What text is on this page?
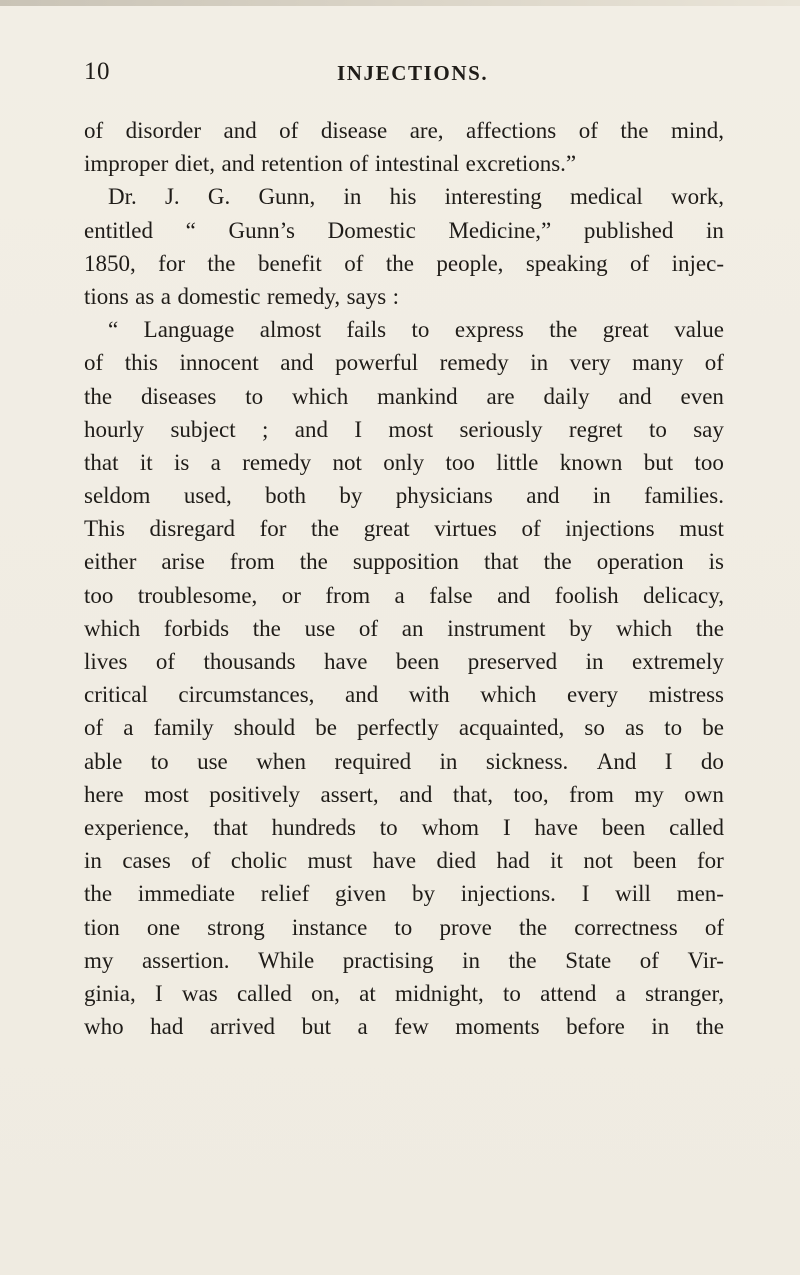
10	INJECTIONS.
of disorder and of disease are, affections of the mind,
improper diet, and retention of intestinal excretions.”
Dr. J. G. Gunn, in his interesting medical work,
entitled “ Gunn’s Domestic Medicine,” published in
1850, for the benefit of the people, speaking of injec-
tions as a domestic remedy, says :
“ Language almost fails to express the great value
of this innocent and powerful remedy in very many of
the diseases to which mankind are daily and even
hourly subject ; and I most seriously regret to say
that it is a remedy not only too little known but too
seldom used, both by physicians and in families.
This disregard for the great virtues of injections must
either arise from the supposition that the operation is
too troublesome, or from a false and foolish delicacy,
which forbids the use of an instrument by which the
lives of thousands have been preserved in extremely
critical circumstances, and with which every mistress
of a family should be perfectly acquainted, so as to be
able to use when required in sickness. And I do
here most positively assert, and that, too, from my own
experience, that hundreds to whom I have been called
in cases of cholic must have died had it not been for
the immediate relief given by injections. I will men-
tion one strong instance to prove the correctness of
my assertion. While practising in the State of Vir-
ginia, I was called on, at midnight, to attend a stranger,
who had arrived but a few moments before in the
